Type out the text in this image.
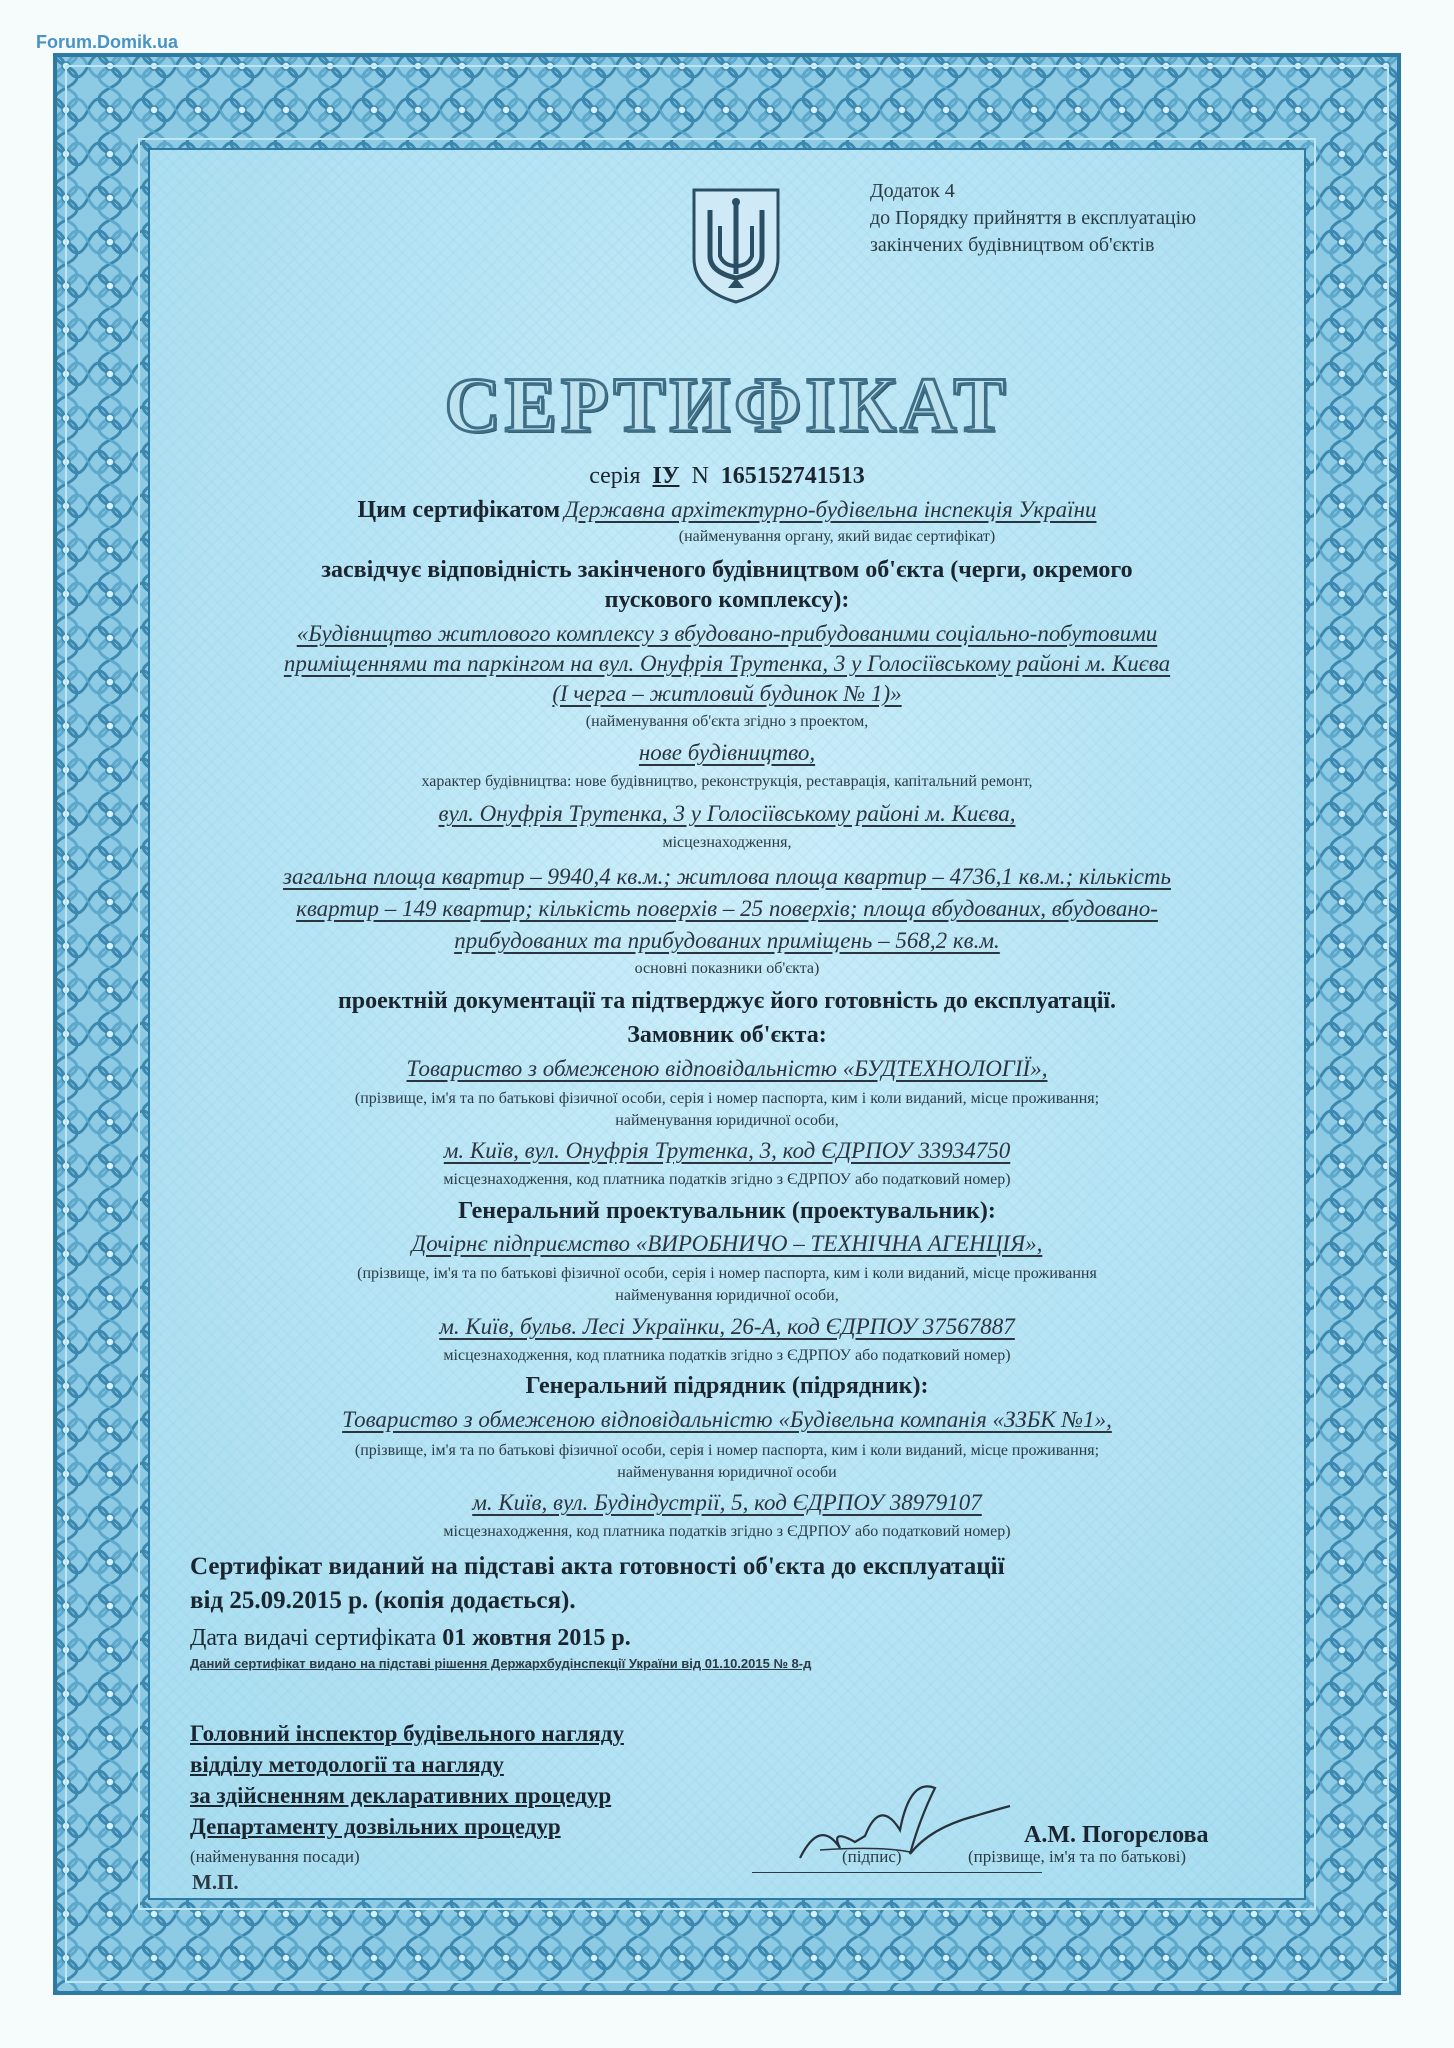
Forum.Domik.ua
Додаток 4
до Порядку прийняття в експлуатацію
закінчених будівництвом об'єктів
СЕРТИФІКАТ
серія ІУ N 165152741513
Цим сертифікатом Державна архітектурно-будівельна інспекція України
(найменування органу, який видає сертифікат)
засвідчує відповідність закінченого будівництвом об'єкта (черги, окремого
пускового комплексу):
«Будівництво житлового комплексу з вбудовано-прибудованими соціально-побутовими
приміщеннями та паркінгом на вул. Онуфрія Трутенка, 3 у Голосіївському районі м. Києва
(І черга – житловий будинок № 1)»
(найменування об'єкта згідно з проектом,
нове будівництво,
характер будівництва: нове будівництво, реконструкція, реставрація, капітальний ремонт,
вул. Онуфрія Трутенка, 3 у Голосіївському районі м. Києва,
місцезнаходження,
загальна площа квартир – 9940,4 кв.м.; житлова площа квартир – 4736,1 кв.м.; кількість
квартир – 149 квартир; кількість поверхів – 25 поверхів; площа вбудованих, вбудовано-
прибудованих та прибудованих приміщень – 568,2 кв.м.
основні показники об'єкта)
проектній документації та підтверджує його готовність до експлуатації.
Замовник об'єкта:
Товариство з обмеженою відповідальністю «БУДТЕХНОЛОГІЇ»,
(прізвище, ім'я та по батькові фізичної особи, серія і номер паспорта, ким і коли виданий, місце проживання;
найменування юридичної особи,
м. Київ, вул. Онуфрія Трутенка, 3, код ЄДРПОУ 33934750
місцезнаходження, код платника податків згідно з ЄДРПОУ або податковий номер)
Генеральний проектувальник (проектувальник):
Дочірнє підприємство «ВИРОБНИЧО – ТЕХНІЧНА АГЕНЦІЯ»,
(прізвище, ім'я та по батькові фізичної особи, серія і номер паспорта, ким і коли виданий, місце проживання
найменування юридичної особи,
м. Київ, бульв. Лесі Українки, 26-А, код ЄДРПОУ 37567887
місцезнаходження, код платника податків згідно з ЄДРПОУ або податковий номер)
Генеральний підрядник (підрядник):
Товариство з обмеженою відповідальністю «Будівельна компанія «ЗЗБК №1»,
(прізвище, ім'я та по батькові фізичної особи, серія і номер паспорта, ким і коли виданий, місце проживання;
найменування юридичної особи
м. Київ, вул. Будіндустрії, 5, код ЄДРПОУ 38979107
місцезнаходження, код платника податків згідно з ЄДРПОУ або податковий номер)
Сертифікат виданий на підставі акта готовності об'єкта до експлуатації
від 25.09.2015 р. (копія додається).
Дата видачі сертифіката 01 жовтня 2015 р.
Даний сертифікат видано на підставі рішення Держархбудінспекції України від 01.10.2015 № 8-д
Головний інспектор будівельного нагляду
відділу методології та нагляду
за здійсненням декларативних процедур
Департаменту дозвільних процедур
(найменування посади)	(підпис)
А.М. Погорєлова
(прізвище, ім'я та по батькові)
М.П.
